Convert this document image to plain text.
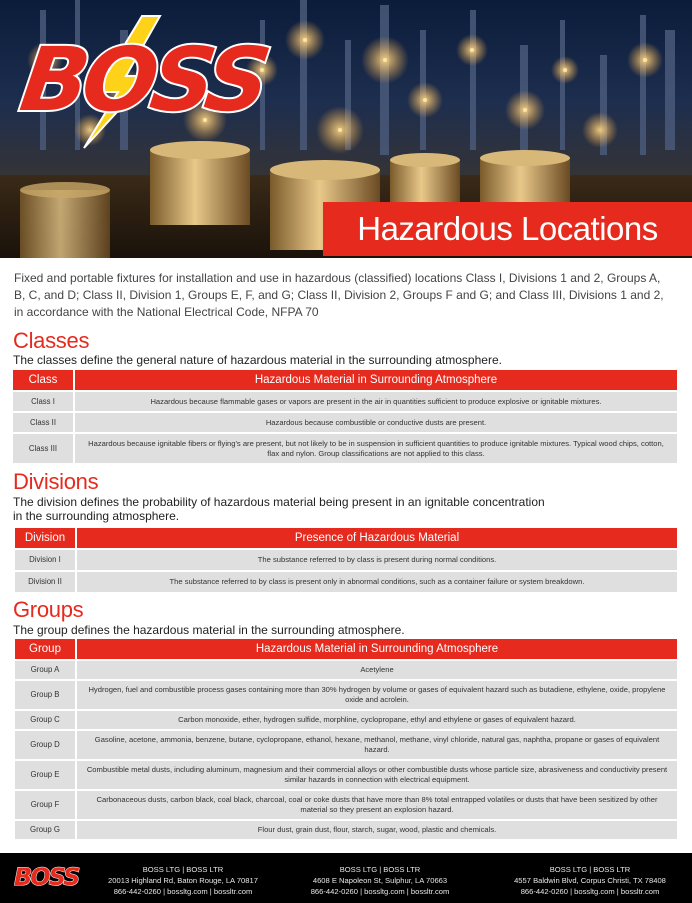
BOSS
Hazardous Locations
Fixed and portable fixtures for installation and use in hazardous (classified) locations Class I, Divisions 1 and 2, Groups A, B, C, and D; Class II, Division 1, Groups E, F, and G; Class II, Division 2, Groups F and G; and Class III, Divisions 1 and 2, in accordance with the National Electrical Code, NFPA 70
Classes
The classes define the general nature of hazardous material in the surrounding atmosphere.
Class	Hazardous Material in Surrounding Atmosphere
Class I	Hazardous because flammable gases or vapors are present in the air in quantities sufficient to produce explosive or ignitable mixtures.
Class II	Hazardous because combustible or conductive dusts are present.
Class III	Hazardous because ignitable fibers or flying's are present, but not likely to be in suspension in sufficient quantities to produce ignitable mixtures. Typical wood chips, cotton, flax and nylon. Group classifications are not applied to this class.
Divisions
The division defines the probability of hazardous material being present in an ignitable concentration
in the surrounding atmosphere.
Division	Presence of Hazardous Material
Division I	The substance referred to by class is present during normal conditions.
Division II	The substance referred to by class is present only in abnormal conditions, such as a container failure or system breakdown.
Groups
The group defines the hazardous material in the surrounding atmosphere.
Group	Hazardous Material in Surrounding Atmosphere
Group A	Acetylene
Group B	Hydrogen, fuel and combustible process gases containing more than 30% hydrogen by volume or gases of equivalent hazard such as butadiene, ethylene, oxide, propylene oxide and acrolein.
Group C	Carbon monoxide, ether, hydrogen sulfide, morphline, cyclopropane, ethyl and ethylene or gases of equivalent hazard.
Group D	Gasoline, acetone, ammonia, benzene, butane, cyclopropane, ethanol, hexane, methanol, methane, vinyl chloride, natural gas, naphtha, propane or gases of equivalent hazard.
Group E	Combustible metal dusts, including aluminum, magnesium and their commercial alloys or other combustible dusts whose particle size, abrasiveness and conductivity present similar hazards in connection with electrical equipment.
Group F	Carbonaceous dusts, carbon black, coal black, charcoal, coal or coke dusts that have more than 8% total entrapped volatiles or dusts that have been sesitized by other material so they present an explosion hazard.
Group G	Flour dust, grain dust, flour, starch, sugar, wood, plastic and chemicals.
BOSS	BOSS LTG | BOSS LTR
20013 Highland Rd, Baton Rouge, LA 70817
866-442-0260 | bossltg.com | bossltr.com
BOSS LTG | BOSS LTR
4608 E Napoleon St, Sulphur, LA 70663
866-442-0260 | bossltg.com | bossltr.com
BOSS LTG | BOSS LTR
4557 Baldwin Blvd, Corpus Christi, TX 78408
866-442-0260 | bossltg.com | bossltr.com
